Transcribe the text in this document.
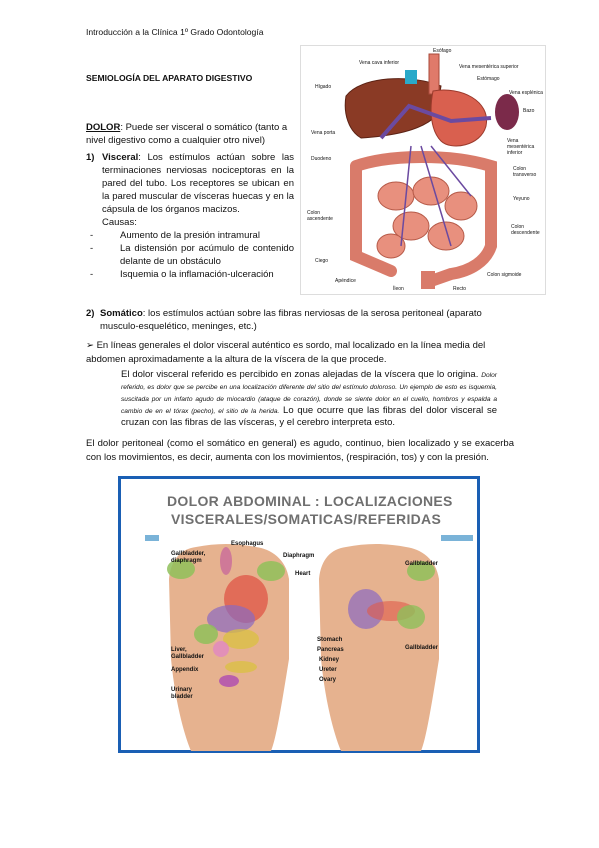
Introducción a la Clínica 1º Grado Odontología
SEMIOLOGÍA DEL APARATO DIGESTIVO
DOLOR: Puede ser visceral o somático (tanto a nivel digestivo como a cualquier otro nivel)
1) Visceral: Los estímulos actúan sobre las terminaciones nerviosas nociceptoras en la pared del tubo. Los receptores se ubican en la pared muscular de vísceras huecas y en la cápsula de los órganos macizos.
Causas:
- Aumento de la presión intramural
- La distensión por acúmulo de contenido delante de un obstáculo
- Isquemia o la inflamación-ulceración
Esófago
Vena cava inferior
Vena mesentérica superior
Estómago
Hígado
Vena esplénica
Bazo
Vena porta
Vena mesentérica inferior
Duodeno
Colon transverso
Yeyuno
Colon ascendente
Colon descendente
Ciego
Colon sigmoide
Apéndice
Íleon	Recto
2) Somático: los estímulos actúan sobre las fibras nerviosas de la serosa peritoneal (aparato musculo-esquelético, meninges, etc.)
➢ En líneas generales el dolor visceral auténtico es sordo, mal localizado en la línea media del abdomen aproximadamente a la altura de la víscera de la que procede.
El dolor visceral referido es percibido en zonas alejadas de la víscera que lo origina. Dolor referido, es dolor que se percibe en una localización diferente del sitio del estímulo doloroso. Un ejemplo de esto es isquemia, suscitada por un infarto agudo de miocardio (ataque de corazón), donde se siente dolor en el cuello, hombros y espalda a cambio de en el tórax (pecho), el sitio de la herida. Lo que ocurre que las fibras del dolor visceral se cruzan con las fibras de las vísceras, y el cerebro interpreta esto.
El dolor peritoneal (como el somático en general) es agudo, continuo, bien localizado y se exacerba con los movimientos, es decir, aumenta con los movimientos, (respiración, tos) y con la presión.
DOLOR ABDOMINAL : LOCALIZACIONES
VISCERALES/SOMATICAS/REFERIDAS
Esophagus
Diaphragm
Heart
Gallbladder, diaphragm	Gallbladder
Stomach
Pancreas
Kidney
Ureter
Ovary
Gallbladder
Liver, Gallbladder
Appendix
Urinary bladder
